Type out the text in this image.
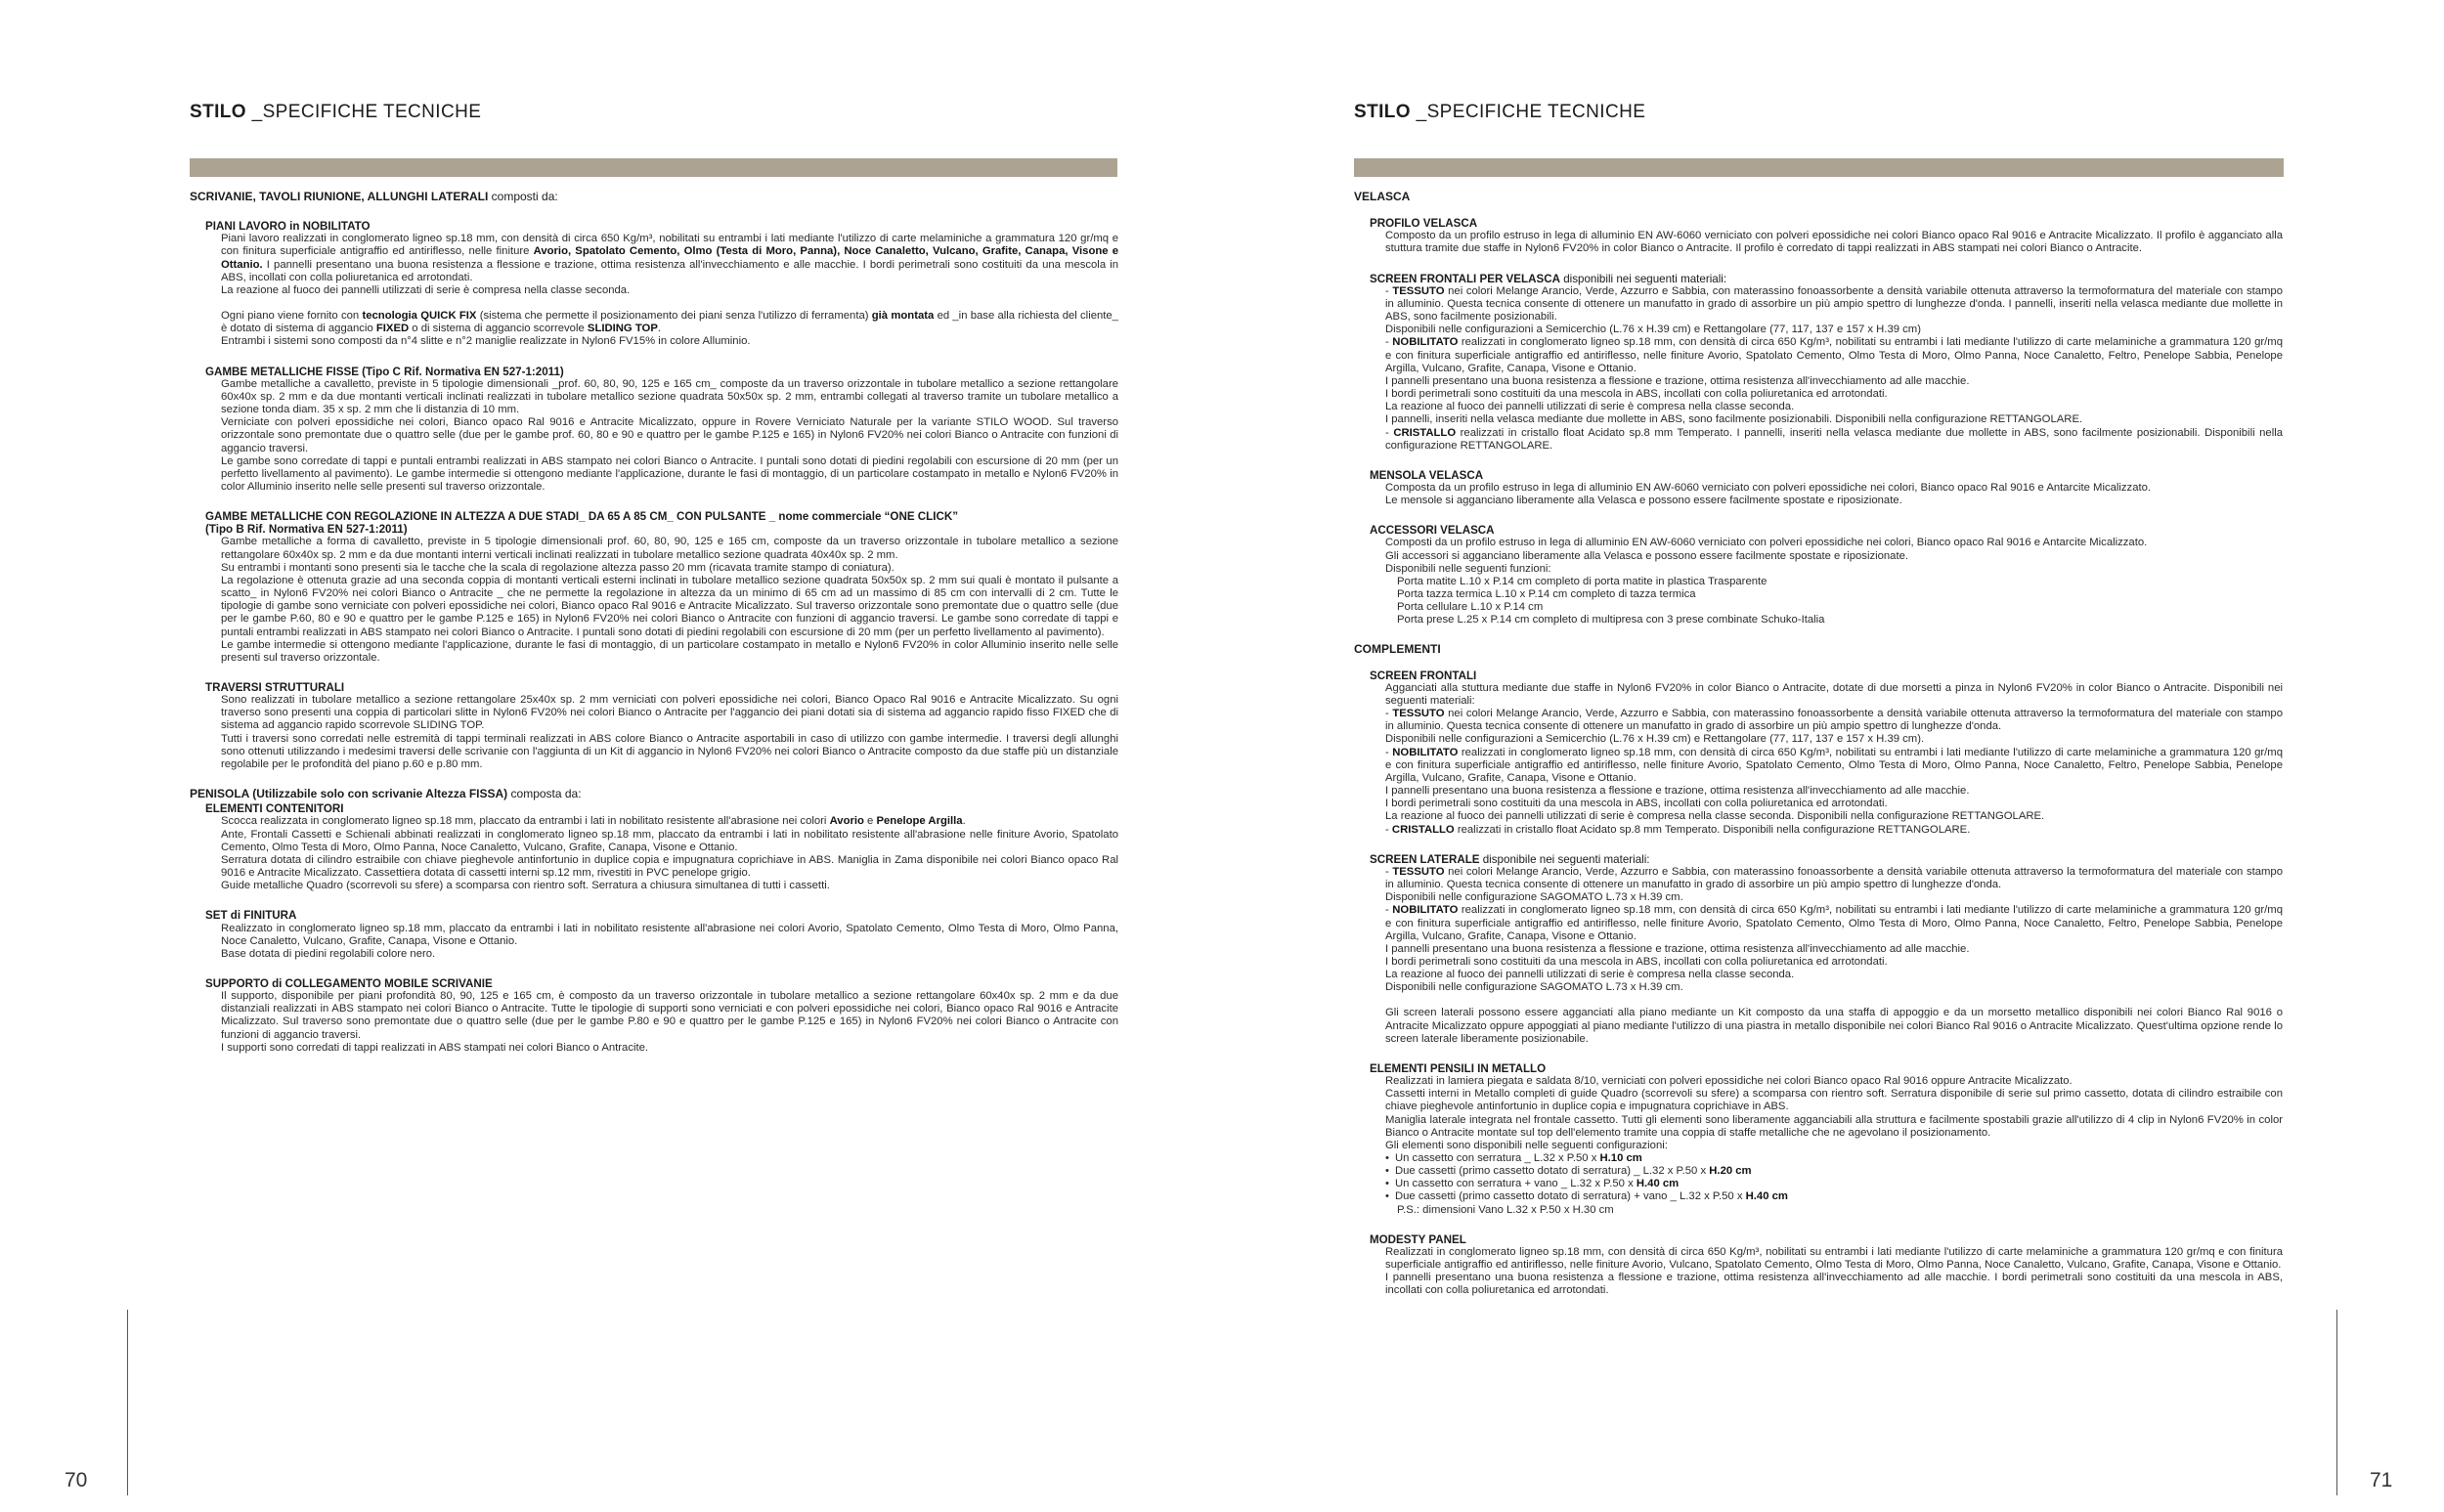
STILO _SPECIFICHE TECNICHE

SCRIVANIE, TAVOLI RIUNIONE, ALLUNGHI LATERALI composti da:

PIANI LAVORO in NOBILITATO

Piani lavoro realizzati in conglomerato ligneo sp.18 mm, con densità di circa 650 Kg/m³, nobilitati su entrambi i lati mediante l'utilizzo di carte melaminiche a grammatura 120 gr/mq e con finitura superficiale antigraffio ed antiriflesso, nelle finiture Avorio, Spatolato Cemento, Olmo (Testa di Moro, Panna), Noce Canaletto, Vulcano, Grafite, Canapa, Visone e Ottanio. I pannelli presentano una buona resistenza a flessione e trazione, ottima resistenza all'invecchiamento e alle macchie. I bordi perimetrali sono costituiti da una mescola in ABS, incollati con colla poliuretanica ed arrotondati.

La reazione al fuoco dei pannelli utilizzati di serie è compresa nella classe seconda.

Ogni piano viene fornito con tecnologia QUICK FIX (sistema che permette il posizionamento dei piani senza l'utilizzo di ferramenta) già montata ed _in base alla richiesta del cliente_ è dotato di sistema di aggancio FIXED o di sistema di aggancio scorrevole SLIDING TOP.

Entrambi i sistemi sono composti da n°4 slitte e n°2 maniglie realizzate in Nylon6 FV15% in colore Alluminio.

GAMBE METALLICHE FISSE (Tipo C Rif. Normativa EN 527-1:2011)

Gambe metalliche a cavalletto, previste in 5 tipologie dimensionali _prof. 60, 80, 90, 125 e 165 cm_ composte da un traverso orizzontale in tubolare metallico a sezione rettangolare 60x40x sp. 2 mm e da due montanti verticali inclinati realizzati in tubolare metallico sezione quadrata 50x50x sp. 2 mm, entrambi collegati al traverso tramite un tubolare metallico a sezione tonda diam. 35 x sp. 2 mm che li distanzia di 10 mm.

Verniciate con polveri epossidiche nei colori, Bianco opaco Ral 9016 e Antracite Micalizzato, oppure in Rovere Verniciato Naturale per la variante STILO WOOD. Sul traverso orizzontale sono premontate due o quattro selle (due per le gambe prof. 60, 80 e 90 e quattro per le gambe P.125 e 165) in Nylon6 FV20% nei colori Bianco o Antracite con funzioni di aggancio traversi.

Le gambe sono corredate di tappi e puntali entrambi realizzati in ABS stampato nei colori Bianco o Antracite. I puntali sono dotati di piedini regolabili con escursione di 20 mm (per un perfetto livellamento al pavimento). Le gambe intermedie si ottengono mediante l'applicazione, durante le fasi di montaggio, di un particolare costampato in metallo e Nylon6 FV20% in color Alluminio inserito nelle selle presenti sul traverso orizzontale.

GAMBE METALLICHE CON REGOLAZIONE IN ALTEZZA A DUE STADI_ DA 65 A 85 CM_ CON PULSANTE _ nome commerciale “ONE CLICK”
(Tipo B Rif. Normativa EN 527-1:2011)

Gambe metalliche a forma di cavalletto, previste in 5 tipologie dimensionali prof. 60, 80, 90, 125 e 165 cm, composte da un traverso orizzontale in tubolare metallico a sezione rettangolare 60x40x sp. 2 mm e da due montanti interni verticali inclinati realizzati in tubolare metallico sezione quadrata 40x40x sp. 2 mm.

Su entrambi i montanti sono presenti sia le tacche che la scala di regolazione altezza passo 20 mm (ricavata tramite stampo di coniatura).

La regolazione è ottenuta grazie ad una seconda coppia di montanti verticali esterni inclinati in tubolare metallico sezione quadrata 50x50x sp. 2 mm sui quali è montato il pulsante a scatto_ in Nylon6 FV20% nei colori Bianco o Antracite _ che ne permette la regolazione in altezza da un minimo di 65 cm ad un massimo di 85 cm con intervalli di 2 cm. Tutte le tipologie di gambe sono verniciate con polveri epossidiche nei colori, Bianco opaco Ral 9016 e Antracite Micalizzato. Sul traverso orizzontale sono premontate due o quattro selle (due per le gambe P.60, 80 e 90 e quattro per le gambe P.125 e 165) in Nylon6 FV20% nei colori Bianco o Antracite con funzioni di aggancio traversi. Le gambe sono corredate di tappi e puntali entrambi realizzati in ABS stampato nei colori Bianco o Antracite. I puntali sono dotati di piedini regolabili con escursione di 20 mm (per un perfetto livellamento al pavimento).

Le gambe intermedie si ottengono mediante l'applicazione, durante le fasi di montaggio, di un particolare costampato in metallo e Nylon6 FV20% in color Alluminio inserito nelle selle presenti sul traverso orizzontale.

TRAVERSI STRUTTURALI

Sono realizzati in tubolare metallico a sezione rettangolare 25x40x sp. 2 mm verniciati con polveri epossidiche nei colori, Bianco Opaco Ral 9016 e Antracite Micalizzato. Su ogni traverso sono presenti una coppia di particolari slitte in Nylon6 FV20% nei colori Bianco o Antracite per l'aggancio dei piani dotati sia di sistema ad aggancio rapido fisso FIXED che di sistema ad aggancio rapido scorrevole SLIDING TOP.

Tutti i traversi sono corredati nelle estremità di tappi terminali realizzati in ABS colore Bianco o Antracite asportabili in caso di utilizzo con gambe intermedie. I traversi degli allunghi sono ottenuti utilizzando i medesimi traversi delle scrivanie con l'aggiunta di un Kit di aggancio in Nylon6 FV20% nei colori Bianco o Antracite composto da due staffe più un distanziale regolabile per le profondità del piano p.60 e p.80 mm.

PENISOLA (Utilizzabile solo con scrivanie Altezza FISSA) composta da:

ELEMENTI CONTENITORI

Scocca realizzata in conglomerato ligneo sp.18 mm, placcato da entrambi i lati in nobilitato resistente all'abrasione nei colori Avorio e Penelope Argilla.

Ante, Frontali Cassetti e Schienali abbinati realizzati in conglomerato ligneo sp.18 mm, placcato da entrambi i lati in nobilitato resistente all'abrasione nelle finiture Avorio, Spatolato Cemento, Olmo Testa di Moro, Olmo Panna, Noce Canaletto, Vulcano, Grafite, Canapa, Visone e Ottanio.

Serratura dotata di cilindro estraibile con chiave pieghevole antinfortunio in duplice copia e impugnatura coprichiave in ABS. Maniglia in Zama disponibile nei colori Bianco opaco Ral 9016 e Antracite Micalizzato. Cassettiera dotata di cassetti interni sp.12 mm, rivestiti in PVC penelope grigio.

Guide metalliche Quadro (scorrevoli su sfere) a scomparsa con rientro soft. Serratura a chiusura simultanea di tutti i cassetti.

SET di FINITURA

Realizzato in conglomerato ligneo sp.18 mm, placcato da entrambi i lati in nobilitato resistente all'abrasione nei colori Avorio, Spatolato Cemento, Olmo Testa di Moro, Olmo Panna, Noce Canaletto, Vulcano, Grafite, Canapa, Visone e Ottanio.

Base dotata di piedini regolabili colore nero.

SUPPORTO di COLLEGAMENTO MOBILE SCRIVANIE

Il supporto, disponibile per piani profondità 80, 90, 125 e 165 cm, è composto da un traverso orizzontale in tubolare metallico a sezione rettangolare 60x40x sp. 2 mm e da due distanziali realizzati in ABS stampato nei colori Bianco o Antracite. Tutte le tipologie di supporti sono verniciati e con polveri epossidiche nei colori, Bianco opaco Ral 9016 e Antracite Micalizzato. Sul traverso sono premontate due o quattro selle (due per le gambe P.80 e 90 e quattro per le gambe P.125 e 165) in Nylon6 FV20% nei colori Bianco o Antracite con funzioni di aggancio traversi.

I supporti sono corredati di tappi realizzati in ABS stampati nei colori Bianco o Antracite.

70
STILO _SPECIFICHE TECNICHE

VELASCA

PROFILO VELASCA

Composto da un profilo estruso in lega di alluminio EN AW-6060 verniciato con polveri epossidiche nei colori Bianco opaco Ral 9016 e Antracite Micalizzato. Il profilo è agganciato alla stuttura tramite due staffe in Nylon6 FV20% in color Bianco o Antracite. Il profilo è corredato di tappi realizzati in ABS stampati nei colori Bianco o Antracite.

SCREEN FRONTALI PER VELASCA disponibili nei seguenti materiali:

- TESSUTO nei colori Melange Arancio, Verde, Azzurro e Sabbia, con materassino fonoassorbente a densità variabile ottenuta attraverso la termoformatura del materiale con stampo in alluminio. Questa tecnica consente di ottenere un manufatto in grado di assorbire un più ampio spettro di lunghezze d'onda. I pannelli, inseriti nella velasca mediante due mollette in ABS, sono facilmente posizionabili.

Disponibili nelle configurazioni a Semicerchio (L.76 x H.39 cm) e Rettangolare (77, 117, 137 e 157 x H.39 cm)

- NOBILITATO realizzati in conglomerato ligneo sp.18 mm, con densità di circa 650 Kg/m³, nobilitati su entrambi i lati mediante l'utilizzo di carte melaminiche a grammatura 120 gr/mq e con finitura superficiale antigraffio ed antiriflesso, nelle finiture Avorio, Spatolato Cemento, Olmo Testa di Moro, Olmo Panna, Noce Canaletto, Feltro, Penelope Sabbia, Penelope Argilla, Vulcano, Grafite, Canapa, Visone e Ottanio.

I pannelli presentano una buona resistenza a flessione e trazione, ottima resistenza all'invecchiamento ad alle macchie.

I bordi perimetrali sono costituiti da una mescola in ABS, incollati con colla poliuretanica ed arrotondati.

La reazione al fuoco dei pannelli utilizzati di serie è compresa nella classe seconda.

I pannelli, inseriti nella velasca mediante due mollette in ABS, sono facilmente posizionabili. Disponibili nella configurazione RETTANGOLARE.

- CRISTALLO realizzati in cristallo float Acidato sp.8 mm Temperato. I pannelli, inseriti nella velasca mediante due mollette in ABS, sono facilmente posizionabili. Disponibili nella configurazione RETTANGOLARE.

MENSOLA VELASCA

Composta da un profilo estruso in lega di alluminio EN AW-6060 verniciato con polveri epossidiche nei colori, Bianco opaco Ral 9016 e Antarcite Micalizzato.

Le mensole si agganciano liberamente alla Velasca e possono essere facilmente spostate e riposizionate.

ACCESSORI VELASCA

Composti da un profilo estruso in lega di alluminio EN AW-6060 verniciato con polveri epossidiche nei colori, Bianco opaco Ral 9016 e Antarcite Micalizzato.

Gli accessori si agganciano liberamente alla Velasca e possono essere facilmente spostate e riposizionate.

Disponibili nelle seguenti funzioni:

Porta matite L.10 x P.14 cm completo di porta matite in plastica Trasparente
Porta tazza termica L.10 x P.14 cm completo di tazza termica
Porta cellulare L.10 x P.14 cm
Porta prese L.25 x P.14 cm completo di multipresa con 3 prese combinate Schuko-Italia

COMPLEMENTI

SCREEN FRONTALI

Agganciati alla stuttura mediante due staffe in Nylon6 FV20% in color Bianco o Antracite, dotate di due morsetti a pinza in Nylon6 FV20% in color Bianco o Antracite. Disponibili nei seguenti materiali:

- TESSUTO nei colori Melange Arancio, Verde, Azzurro e Sabbia, con materassino fonoassorbente a densità variabile ottenuta attraverso la termoformatura del materiale con stampo in alluminio. Questa tecnica consente di ottenere un manufatto in grado di assorbire un più ampio spettro di lunghezze d'onda.

Disponibili nelle configurazioni a Semicerchio (L.76 x H.39 cm) e Rettangolare (77, 117, 137 e 157 x H.39 cm).

- NOBILITATO realizzati in conglomerato ligneo sp.18 mm, con densità di circa 650 Kg/m³, nobilitati su entrambi i lati mediante l'utilizzo di carte melaminiche a grammatura 120 gr/mq e con finitura superficiale antigraffio ed antiriflesso, nelle finiture Avorio, Spatolato Cemento, Olmo Testa di Moro, Olmo Panna, Noce Canaletto, Feltro, Penelope Sabbia, Penelope Argilla, Vulcano, Grafite, Canapa, Visone e Ottanio.

I pannelli presentano una buona resistenza a flessione e trazione, ottima resistenza all'invecchiamento ad alle macchie.

I bordi perimetrali sono costituiti da una mescola in ABS, incollati con colla poliuretanica ed arrotondati.

La reazione al fuoco dei pannelli utilizzati di serie è compresa nella classe seconda. Disponibili nella configurazione RETTANGOLARE.

- CRISTALLO realizzati in cristallo float Acidato sp.8 mm Temperato. Disponibili nella configurazione RETTANGOLARE.

SCREEN LATERALE disponibile nei seguenti materiali:

- TESSUTO nei colori Melange Arancio, Verde, Azzurro e Sabbia, con materassino fonoassorbente a densità variabile ottenuta attraverso la termoformatura del materiale con stampo in alluminio. Questa tecnica consente di ottenere un manufatto in grado di assorbire un più ampio spettro di lunghezze d'onda.

Disponibili nelle configurazione SAGOMATO L.73 x H.39 cm.

- NOBILITATO realizzati in conglomerato ligneo sp.18 mm, con densità di circa 650 Kg/m³, nobilitati su entrambi i lati mediante l'utilizzo di carte melaminiche a grammatura 120 gr/mq e con finitura superficiale antigraffio ed antiriflesso, nelle finiture Avorio, Spatolato Cemento, Olmo Testa di Moro, Olmo Panna, Noce Canaletto, Feltro, Penelope Sabbia, Penelope Argilla, Vulcano, Grafite, Canapa, Visone e Ottanio.

I pannelli presentano una buona resistenza a flessione e trazione, ottima resistenza all'invecchiamento ad alle macchie.

I bordi perimetrali sono costituiti da una mescola in ABS, incollati con colla poliuretanica ed arrotondati.

La reazione al fuoco dei pannelli utilizzati di serie è compresa nella classe seconda.

Disponibili nelle configurazione SAGOMATO L.73 x H.39 cm.

Gli screen laterali possono essere agganciati alla piano mediante un Kit composto da una staffa di appoggio e da un morsetto metallico disponibili nei colori Bianco Ral 9016 o Antracite Micalizzato oppure appoggiati al piano mediante l'utilizzo di una piastra in metallo disponibile nei colori Bianco Ral 9016 o Antracite Micalizzato. Quest'ultima opzione rende lo screen laterale liberamente posizionabile.

ELEMENTI PENSILI IN METALLO

Realizzati in lamiera piegata e saldata 8/10, verniciati con polveri epossidiche nei colori Bianco opaco Ral 9016 oppure Antracite Micalizzato.

Cassetti interni in Metallo completi di guide Quadro (scorrevoli su sfere) a scomparsa con rientro soft. Serratura disponibile di serie sul primo cassetto, dotata di cilindro estraibile con chiave pieghevole antinfortunio in duplice copia e impugnatura coprichiave in ABS.

Maniglia laterale integrata nel frontale cassetto. Tutti gli elementi sono liberamente agganciabili alla struttura e facilmente spostabili grazie all'utilizzo di 4 clip in Nylon6 FV20% in color Bianco o Antracite montate sul top dell'elemento tramite una coppia di staffe metalliche che ne agevolano il posizionamento.

Gli elementi sono disponibili nelle seguenti configurazioni:

• Un cassetto con serratura _ L.32 x P.50 x H.10 cm
• Due cassetti (primo cassetto dotato di serratura) _ L.32 x P.50 x H.20 cm
• Un cassetto con serratura + vano _ L.32 x P.50 x H.40 cm
• Due cassetti (primo cassetto dotato di serratura) + vano _ L.32 x P.50 x H.40 cm

P.S.: dimensioni Vano L.32 x P.50 x H.30 cm

MODESTY PANEL

Realizzati in conglomerato ligneo sp.18 mm, con densità di circa 650 Kg/m³, nobilitati su entrambi i lati mediante l'utilizzo di carte melaminiche a grammatura 120 gr/mq e con finitura superficiale antigraffio ed antiriflesso, nelle finiture Avorio, Vulcano, Spatolato Cemento, Olmo Testa di Moro, Olmo Panna, Noce Canaletto, Vulcano, Grafite, Canapa, Visone e Ottanio.

I pannelli presentano una buona resistenza a flessione e trazione, ottima resistenza all'invecchiamento ad alle macchie. I bordi perimetrali sono costituiti da una mescola in ABS, incollati con colla poliuretanica ed arrotondati.

71
